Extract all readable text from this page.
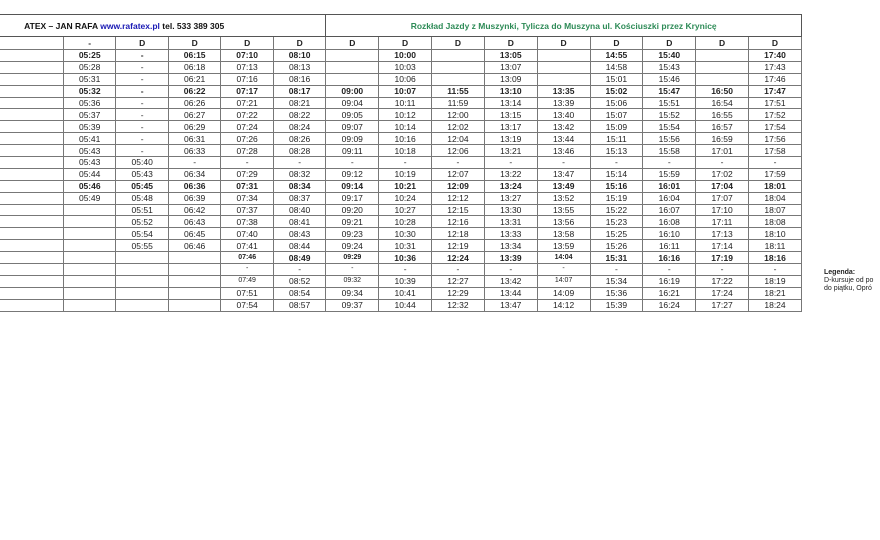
ATEX – JAN RAFA www.rafatex.pl tel. 533 389 305						Rozkład Jazdy z Muszynki, Tylicza do Muszyna ul. Kościuszki przez Krynicę								
	-	D	D	D	D	D	D	D	D	D	D	D	D	D
	05:25	-	06:15	07:10	08:10		10:00		13:05		14:55	15:40		17:40
	05:28	-	06:18	07:13	08:13		10:03		13:07		14:58	15:43		17:43
	05:31	-	06:21	07:16	08:16		10:06		13:09		15:01	15:46		17:46
	05:32	-	06:22	07:17	08:17	09:00	10:07	11:55	13:10	13:35	15:02	15:47	16:50	17:47
	05:36	-	06:26	07:21	08:21	09:04	10:11	11:59	13:14	13:39	15:06	15:51	16:54	17:51
	05:37	-	06:27	07:22	08:22	09:05	10:12	12:00	13:15	13:40	15:07	15:52	16:55	17:52
	05:39	-	06:29	07:24	08:24	09:07	10:14	12:02	13:17	13:42	15:09	15:54	16:57	17:54
	05:41	-	06:31	07:26	08:26	09:09	10:16	12:04	13:19	13:44	15:11	15:56	16:59	17:56
	05:43	-	06:33	07:28	08:28	09:11	10:18	12:06	13:21	13:46	15:13	15:58	17:01	17:58
	05:43	05:40	-	-	-	-	-	-	-	-	-	-	-	-
	05:44	05:43	06:34	07:29	08:32	09:12	10:19	12:07	13:22	13:47	15:14	15:59	17:02	17:59
	05:46	05:45	06:36	07:31	08:34	09:14	10:21	12:09	13:24	13:49	15:16	16:01	17:04	18:01
	05:49	05:48	06:39	07:34	08:37	09:17	10:24	12:12	13:27	13:52	15:19	16:04	17:07	18:04
		05:51	06:42	07:37	08:40	09:20	10:27	12:15	13:30	13:55	15:22	16:07	17:10	18:07
		05:52	06:43	07:38	08:41	09:21	10:28	12:16	13:31	13:56	15:23	16:08	17:11	18:08
		05:54	06:45	07:40	08:43	09:23	10:30	12:18	13:33	13:58	15:25	16:10	17:13	18:10
		05:55	06:46	07:41	08:44	09:24	10:31	12:19	13:34	13:59	15:26	16:11	17:14	18:11
				07:46	08:49	09:29	10:36	12:24	13:39	14:04	15:31	16:16	17:19	18:16
				-	-	-	-	-	-	-	-	-	-	-
				07:49	08:52	09:32	10:39	12:27	13:42	14:07	15:34	16:19	17:22	18:19
				07:51	08:54	09:34	10:41	12:29	13:44	14:09	15:36	16:21	17:24	18:21
				07:54	08:57	09:37	10:44	12:32	13:47	14:12	15:39	16:24	17:27	18:24
Legenda:
D-kursuje od po
do piątku, Opró
